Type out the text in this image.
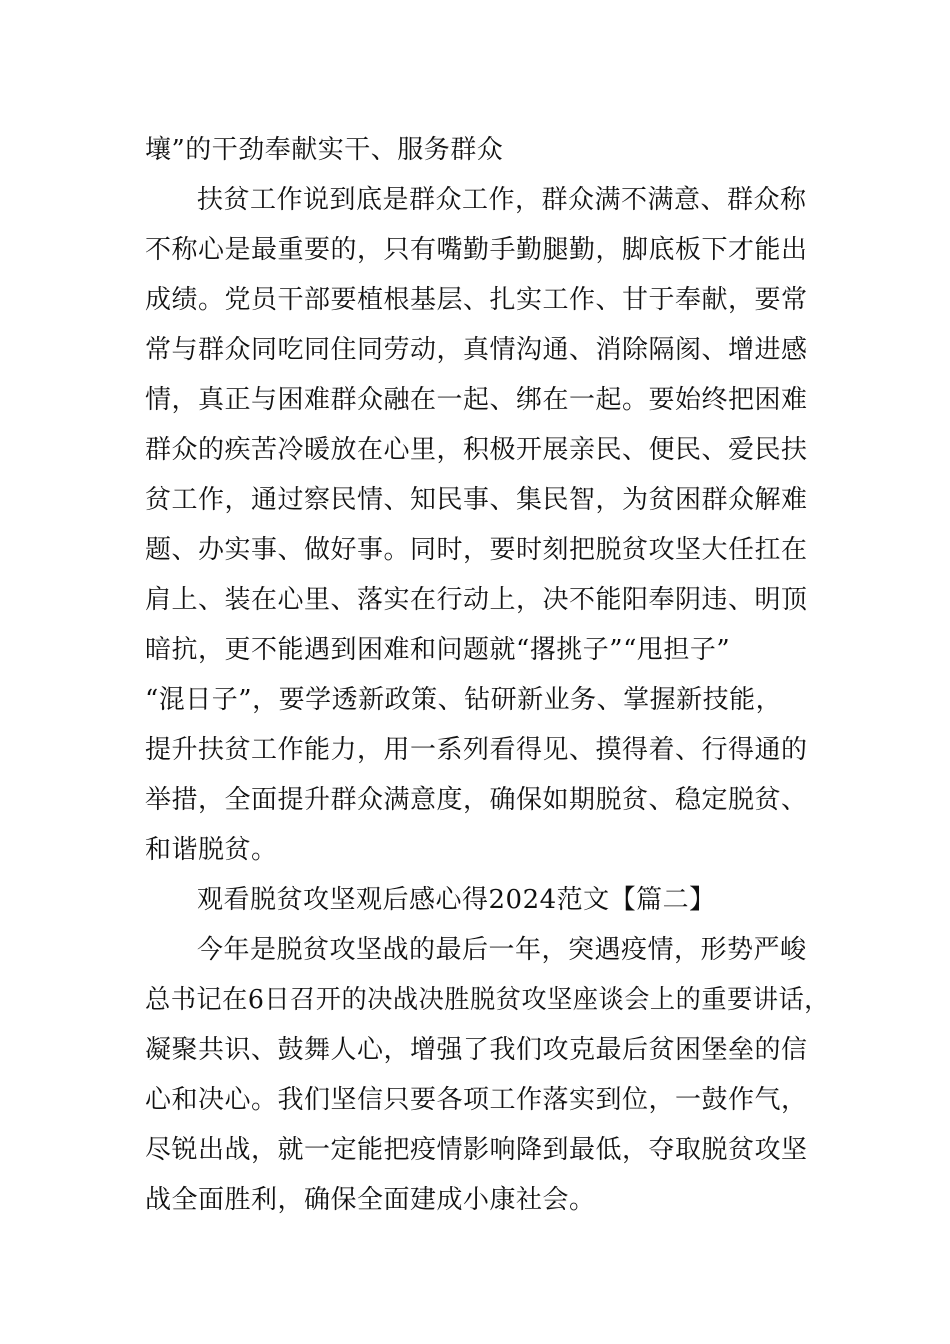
壤”的干劲奉献实干、服务群众
扶贫工作说到底是群众工作，群众满不满意、群众称
不称心是最重要的，只有嘴勤手勤腿勤，脚底板下才能出
成绩。党员干部要植根基层、扎实工作、甘于奉献，要常
常与群众同吃同住同劳动，真情沟通、消除隔阂、增进感
情，真正与困难群众融在一起、绑在一起。要始终把困难
群众的疾苦冷暖放在心里，积极开展亲民、便民、爱民扶
贫工作，通过察民情、知民事、集民智，为贫困群众解难
题、办实事、做好事。同时，要时刻把脱贫攻坚大任扛在
肩上、装在心里、落实在行动上，决不能阳奉阴违、明顶
暗抗，更不能遇到困难和问题就“撂挑子”“甩担子”
“混日子”，要学透新政策、钻研新业务、掌握新技能，
提升扶贫工作能力，用一系列看得见、摸得着、行得通的
举措，全面提升群众满意度，确保如期脱贫、稳定脱贫、
和谐脱贫。
观看脱贫攻坚观后感心得2024范文【篇二】
今年是脱贫攻坚战的最后一年，突遇疫情，形势严峻
总书记在6日召开的决战决胜脱贫攻坚座谈会上的重要讲话，
凝聚共识、鼓舞人心，增强了我们攻克最后贫困堡垒的信
心和决心。我们坚信只要各项工作落实到位，一鼓作气，
尽锐出战，就一定能把疫情影响降到最低，夺取脱贫攻坚
战全面胜利，确保全面建成小康社会。
